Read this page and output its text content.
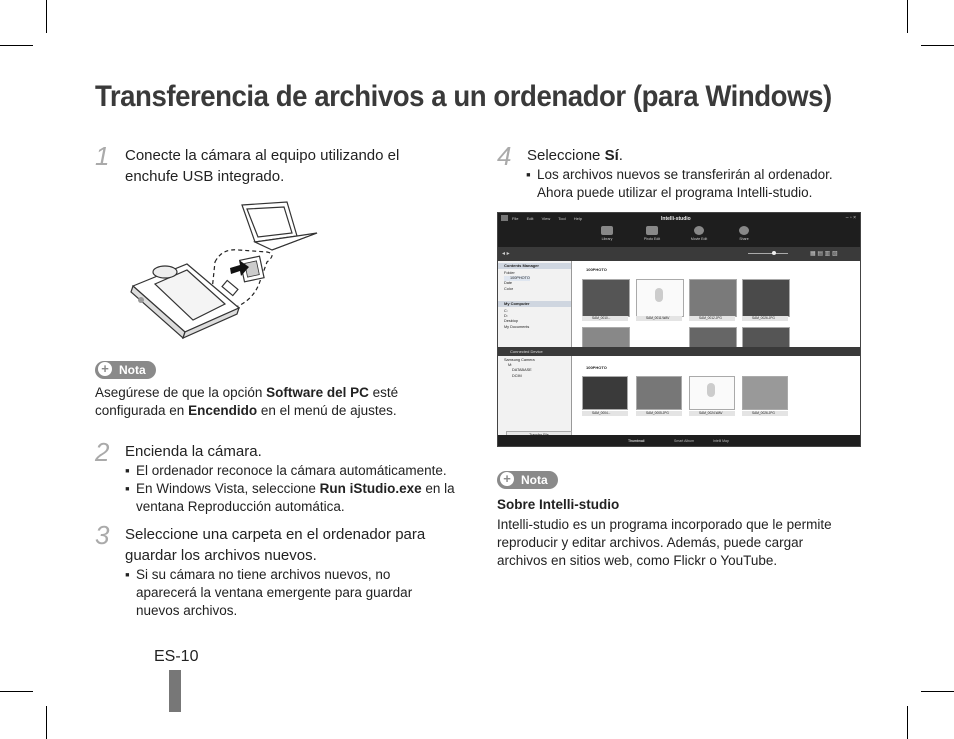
Transferencia de archivos a un ordenador (para Windows)
1 Conecte la cámara al equipo utilizando el enchufe USB integrado.
+ Nota
Asegúrese de que la opción Software del PC esté configurada en Encendido en el menú de ajustes.
2 Encienda la cámara.
▪ El ordenador reconoce la cámara automáticamente.
▪ En Windows Vista, seleccione Run iStudio.exe en la ventana Reproducción automática.
3 Seleccione una carpeta en el ordenador para guardar los archivos nuevos.
▪ Si su cámara no tiene archivos nuevos, no aparecerá la ventana emergente para guardar nuevos archivos.
ES-10
4 Seleccione Sí.
▪ Los archivos nuevos se transferirán al ordenador. Ahora puede utilizar el programa Intelli-studio.
File Edit View Tool Help	Intelli-studio	– ▫ ×
Library	Photo Edit	Movie Edit	Share
◂ ▸	▦ ▤ ▥ ▧
Contents Manager
Folder
100PHOTO
Date
Color
My Computer
C:
D:
Desktop
My Documents
Samsung Camera
M:
DATABASE
DCIM
100PHOTO
SAM_0010...	SAM_0011.WAV	SAM_0012.JPG	SAM_0026.JPG
100PHOTO
SAM_0004...	SAM_0005.JPG	SAM_0024.WAV	SAM_0026.JPG
Connected Device
Thumbnail	Smart Album	Intelli Map
+ Nota
Sobre Intelli-studio
Intelli-studio es un programa incorporado que le permite reproducir y editar archivos. Además, puede cargar archivos en sitios web, como Flickr o YouTube.
